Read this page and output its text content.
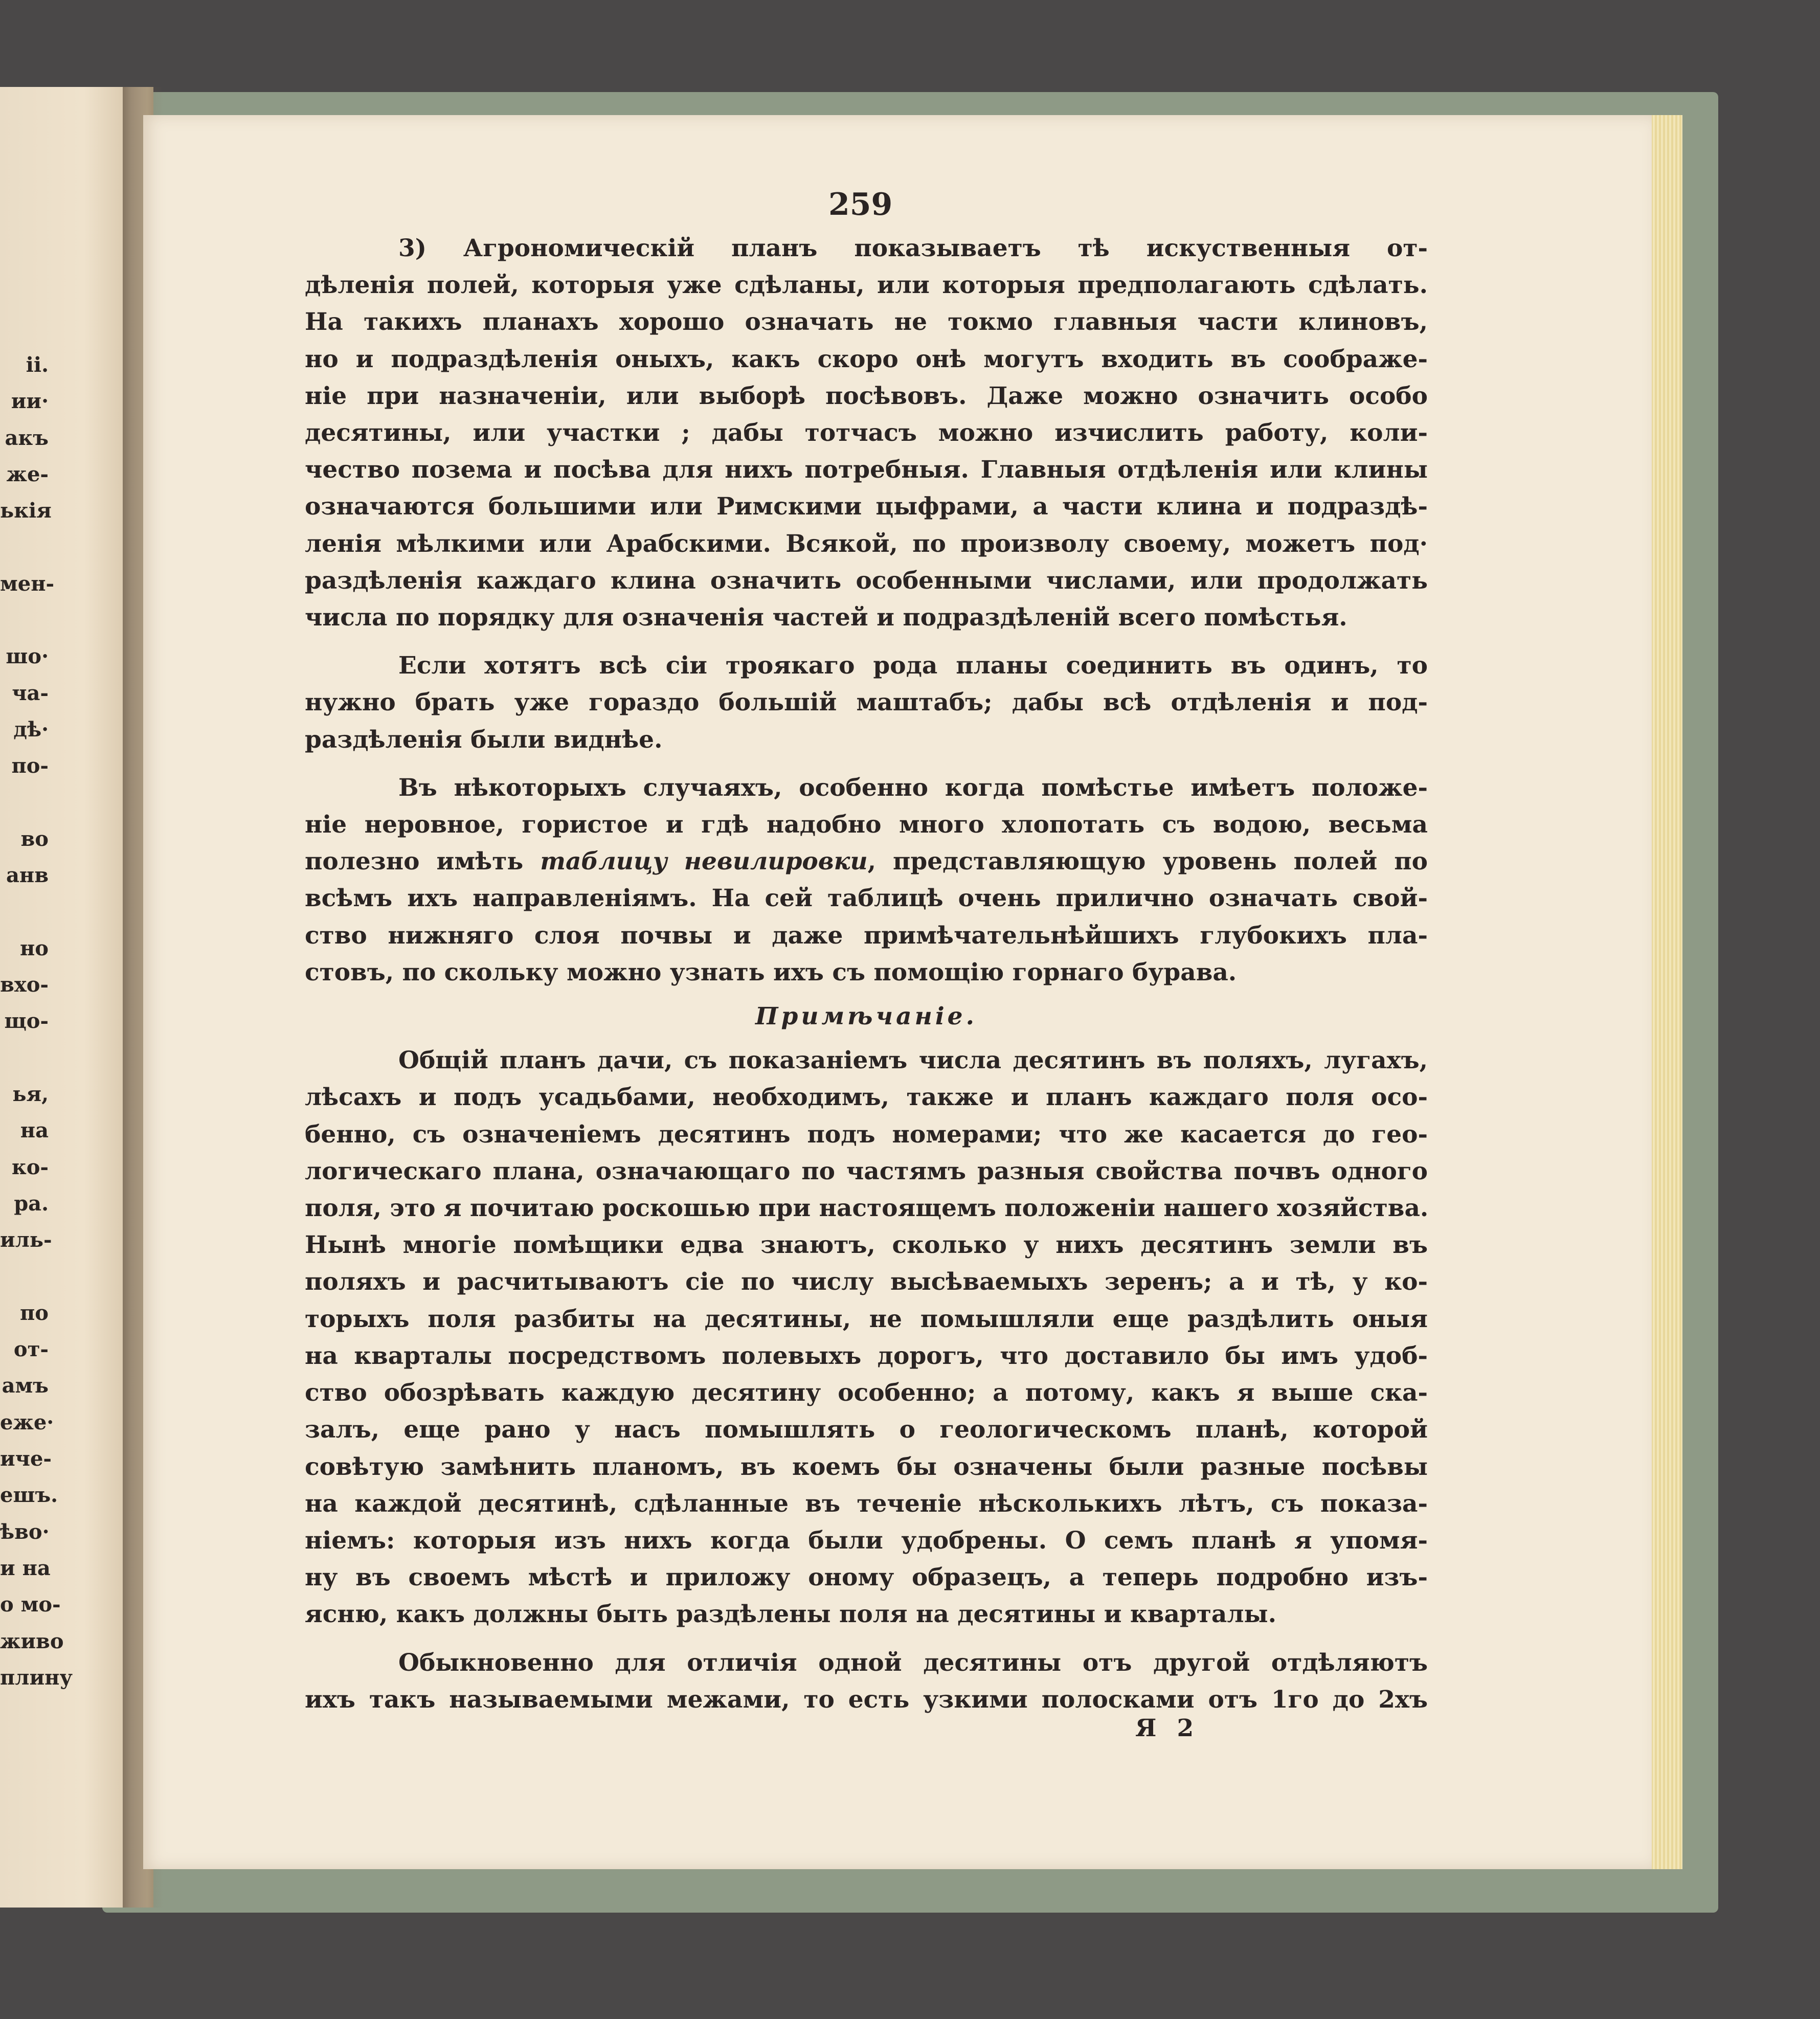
ii.
ии·
акъ
же-
ькія
мен-
шо·
ча-
дѣ·
по-
во
анв
но
вхо-
що-
ья,
на
ко-
ра.
иль-
по
от-
амъ
еже·
иче-
ешъ.
ѣво·
и на
о мо-
живо
плину
259
3) Агрономическій планъ показываетъ тѣ искуственныя от-
дѣленія полей, которыя уже сдѣланы, или которыя предполагають сдѣлать.
На такихъ планахъ хорошо означать не токмо главныя части клиновъ,
но и подраздѣленія оныхъ, какъ скоро онѣ могутъ входить въ соображе-
ніе при назначеніи, или выборѣ посѣвовъ. Даже можно означить особо
десятины, или участки ; дабы тотчасъ можно изчислить работу, коли-
чество позема и посѣва для нихъ потребныя. Главныя отдѣленія или клины
означаются большими или Римскими цыфрами, а части клина и подраздѣ-
ленія мѣлкими или Арабскими. Всякой, по произволу своему, можетъ под·
раздѣленія каждаго клина означить особенными числами, или продолжать
числа по порядку для означенія частей и подраздѣленій всего помѣстья.
Если хотятъ всѣ сіи троякаго рода планы соединить въ одинъ, то
нужно брать уже гораздо большій маштабъ; дабы всѣ отдѣленія и под-
раздѣленія были виднѣе.
Въ нѣкоторыхъ случаяхъ, особенно когда помѣстье имѣетъ положе-
ніе неровное, гористое и гдѣ надобно много хлопотать съ водою, весьма
полезно имѣть таблицу невилировки, представляющую уровень полей по
всѣмъ ихъ направленіямъ. На сей таблицѣ очень прилично означать свой-
ство нижняго слоя почвы и даже примѣчательнѣйшихъ глубокихъ пла-
стовъ, по скольку можно узнать ихъ съ помощію горнаго бурава.
Примѣчаніе.
Общій планъ дачи, съ показаніемъ числа десятинъ въ поляхъ, лугахъ,
лѣсахъ и подъ усадьбами, необходимъ, также и планъ каждаго поля осо-
бенно, съ означеніемъ десятинъ подъ номерами; что же касается до гео-
логическаго плана, означающаго по частямъ разныя свойства почвъ одного
поля, это я почитаю роскошью при настоящемъ положеніи нашего хозяйства.
Нынѣ многіе помѣщики едва знаютъ, сколько у нихъ десятинъ земли въ
поляхъ и расчитываютъ сіе по числу высѣваемыхъ зеренъ; а и тѣ, у ко-
торыхъ поля разбиты на десятины, не помышляли еще раздѣлить оныя
на кварталы посредствомъ полевыхъ дорогъ, что доставило бы имъ удоб-
ство обозрѣвать каждую десятину особенно; а потому, какъ я выше ска-
залъ, еще рано у насъ помышлять о геологическомъ планѣ, которой
совѣтую замѣнить планомъ, въ коемъ бы означены были разные посѣвы
на каждой десятинѣ, сдѣланные въ теченіе нѣсколькихъ лѣтъ, съ показа-
ніемъ: которыя изъ нихъ когда были удобрены. О семъ планѣ я упомя-
ну въ своемъ мѣстѣ и приложу оному образецъ, а теперь подробно изъ-
ясню, какъ должны быть раздѣлены поля на десятины и кварталы.
Обыкновенно для отличія одной десятины отъ другой отдѣляютъ
ихъ такъ называемыми межами, то есть узкими полосками отъ 1го до 2хъ
Я 2
